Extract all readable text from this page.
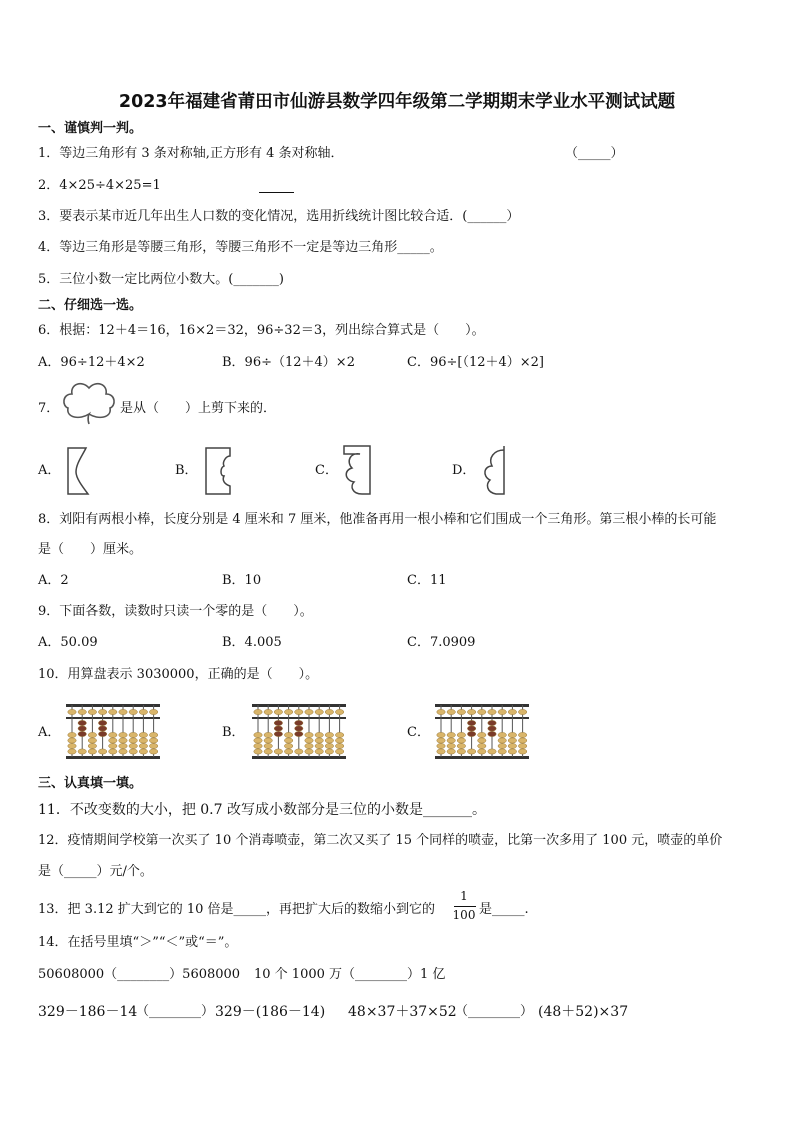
2023年福建省莆田市仙游县数学四年级第二学期期末学业水平测试试题
一、谨慎判一判。
1．等边三角形有 3 条对称轴,正方形有 4 条对称轴．	（_____）
2．4×25÷4×25=1
3．要表示某市近几年出生人口数的变化情况，选用折线统计图比较合适．(______）
4．等边三角形是等腰三角形，等腰三角形不一定是等边三角形_____。
5．三位小数一定比两位小数大。(_______)
二、仔细选一选。
6．根据：12＋4＝16，16×2＝32，96÷32＝3，列出综合算式是（　　）。
A．96÷12＋4×2	B．96÷（12＋4）×2	C．96÷[（12＋4）×2]
7．	是从（　　）上剪下来的．
A．	B．	C．	D．
8．刘阳有两根小棒，长度分别是 4 厘米和 7 厘米，他准备再用一根小棒和它们围成一个三角形。第三根小棒的长可能
是（　　）厘米。
A．2	B．10	C．11
9．下面各数，读数时只读一个零的是（　　）。
A．50.09	B．4.005	C．7.0909
10．用算盘表示 3030000，正确的是（　　）。
A．	B．	C．
三、认真填一填。
11．不改变数的大小，把 0.7 改写成小数部分是三位的小数是_______。
12．疫情期间学校第一次买了 10 个消毒喷壶，第二次又买了 15 个同样的喷壶，比第一次多用了 100 元，喷壶的单价
是（_____）元/个。
13．把 3.12 扩大到它的 10 倍是_____，再把扩大后的数缩小到它的
1
100 是_____.
14．在括号里填“＞”“＜”或“＝”。
50608000（________）5608000 10 个 1000 万（________）1 亿
329－186－14
（________） 329－(186－14) 48×37＋37×52
（________） (48＋52)×37
